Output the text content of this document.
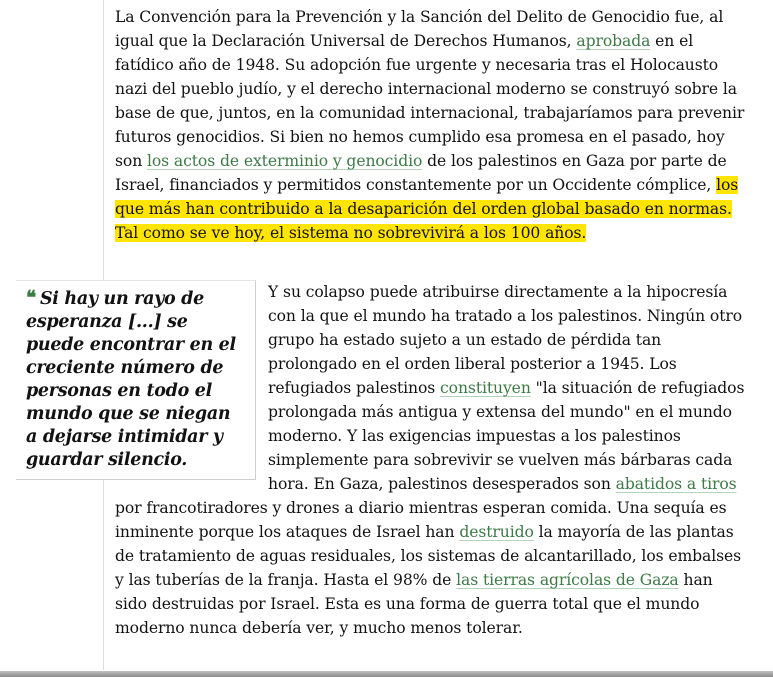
La Convención para la Prevención y la Sanción del Delito de Genocidio fue, al igual que la Declaración Universal de Derechos Humanos, aprobada en el fatídico año de 1948. Su adopción fue urgente y necesaria tras el Holocausto nazi del pueblo judío, y el derecho internacional moderno se construyó sobre la base de que, juntos, en la comunidad internacional, trabajaríamos para prevenir futuros genocidios. Si bien no hemos cumplido esa promesa en el pasado, hoy son los actos de exterminio y genocidio de los palestinos en Gaza por parte de Israel, financiados y permitidos constantemente por un Occidente cómplice, los que más han contribuido a la desaparición del orden global basado en normas. Tal como se ve hoy, el sistema no sobrevivirá a los 100 años.

❝ Si hay un rayo de esperanza [...] se puede encontrar en el creciente número de personas en todo el mundo que se niegan a dejarse intimidar y guardar silencio.
Y su colapso puede atribuirse directamente a la hipocresía con la que el mundo ha tratado a los palestinos. Ningún otro grupo ha estado sujeto a un estado de pérdida tan prolongado en el orden liberal posterior a 1945. Los refugiados palestinos constituyen "la situación de refugiados prolongada más antigua y extensa del mundo" en el mundo moderno. Y las exigencias impuestas a los palestinos simplemente para sobrevivir se vuelven más bárbaras cada hora. En Gaza, palestinos desesperados son abatidos a tiros por francotiradores y drones a diario mientras esperan comida. Una sequía es inminente porque los ataques de Israel han destruido la mayoría de las plantas de tratamiento de aguas residuales, los sistemas de alcantarillado, los embalses y las tuberías de la franja. Hasta el 98% de las tierras agrícolas de Gaza han sido destruidas por Israel. Esta es una forma de guerra total que el mundo moderno nunca debería ver, y mucho menos tolerar.
